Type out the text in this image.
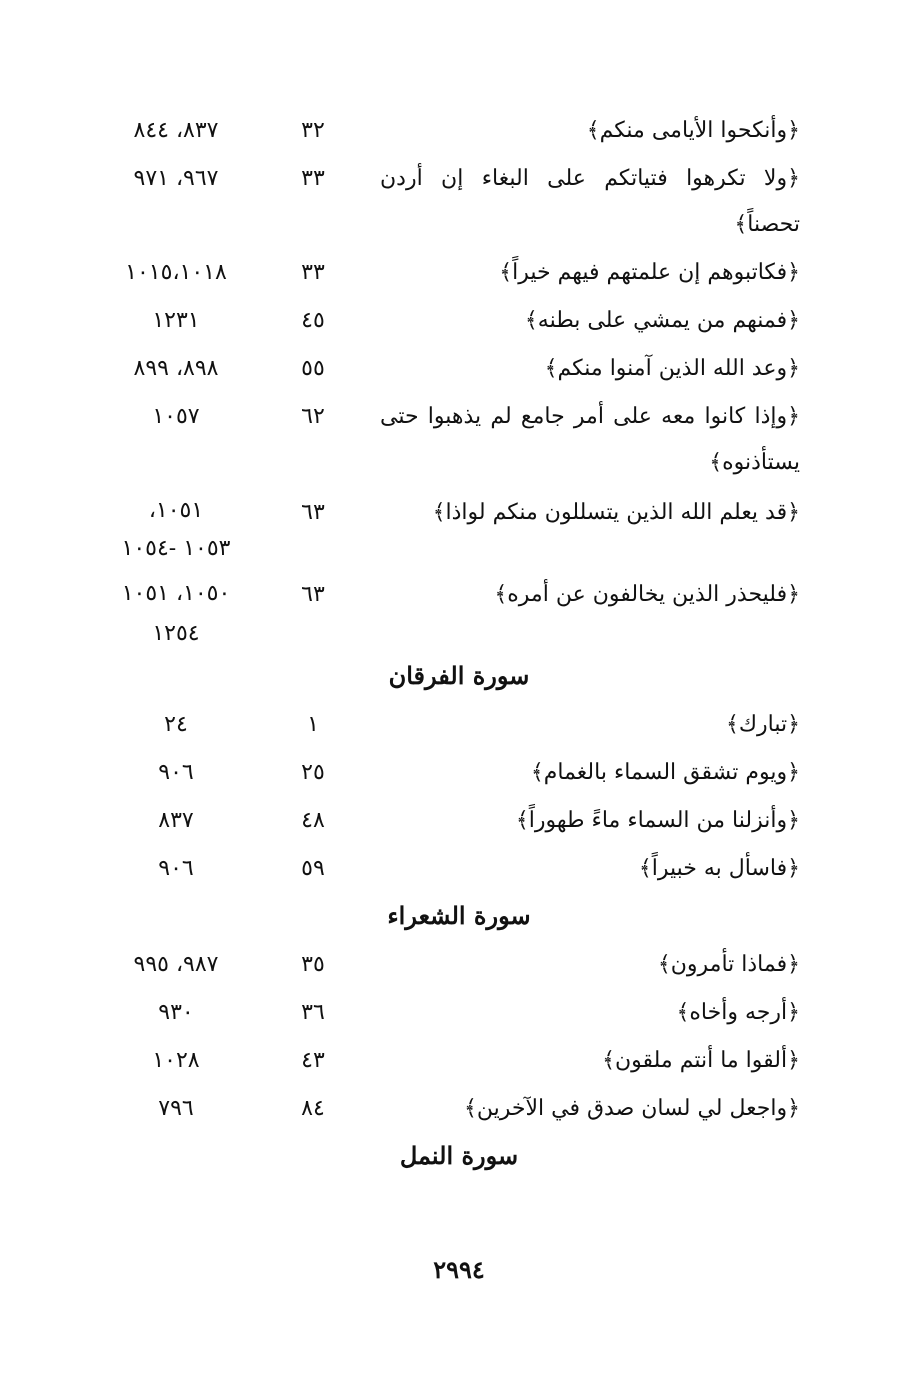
﴿وأنكحوا الأيامى منكم﴾
٣٢
٨٣٧، ٨٤٤
﴿ولا تكرهوا فتياتكم على البغاء إن أردن تحصناً﴾
٣٣
٩٦٧، ٩٧١
﴿فكاتبوهم إن علمتهم فيهم خيراً﴾
٣٣
١٠١٥،١٠١٨
﴿فمنهم من يمشي على بطنه﴾
٤٥
١٢٣١
﴿وعد الله الذين آمنوا منكم﴾
٥٥
٨٩٨، ٨٩٩
﴿وإذا كانوا معه على أمر جامع لم يذهبوا حتى يستأذنوه﴾
٦٢
١٠٥٧
﴿قد يعلم الله الذين يتسللون منكم لواذا﴾
٦٣
١٠٥١،
١٠٥٣ -١٠٥٤
﴿فليحذر الذين يخالفون عن أمره﴾
٦٣
١٠٥٠، ١٠٥١
١٢٥٤
سورة الفرقان
﴿تبارك﴾
١
٢٤
﴿ويوم تشقق السماء بالغمام﴾
٢٥
٩٠٦
﴿وأنزلنا من السماء ماءً طهوراً﴾
٤٨
٨٣٧
﴿فاسأل به خبيراً﴾
٥٩
٩٠٦
سورة الشعراء
﴿فماذا تأمرون﴾
٣٥
٩٨٧، ٩٩٥
﴿أرجه وأخاه﴾
٣٦
٩٣٠
﴿ألقوا ما أنتم ملقون﴾
٤٣
١٠٢٨
﴿واجعل لي لسان صدق في الآخرين﴾
٨٤
٧٩٦
سورة النمل
٢٩٩٤
